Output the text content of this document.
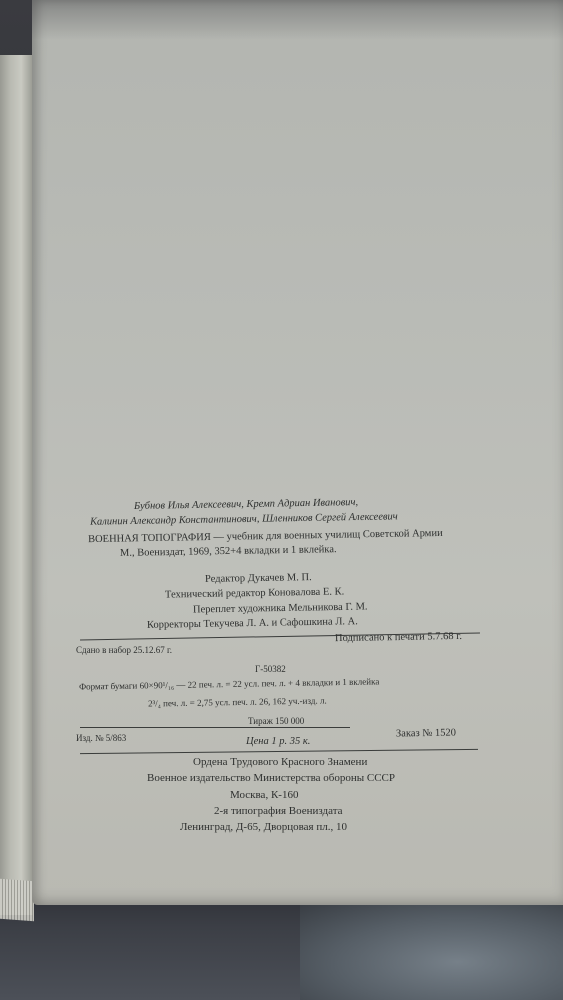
Бубнов Илья Алексеевич, Кремп Адриан Иванович,

Калинин Александр Константинович, Шленников Сергей Алексеевич

ВОЕННАЯ ТОПОГРАФИЯ — учебник для военных училищ Советской Армии

М., Воениздат, 1969, 352+4 вкладки и 1 вклейка.

Редактор Дукачев М. П.

Технический редактор Коновалова Е. К.

Переплет художника Мельникова Г. М.

Корректоры Текучева Л. А. и Сафошкина Л. А.

Сдано в набор 25.12.67 г.

Подписано к печати 5.7.68 г.

Г-50382

Формат бумаги 60×90¹/₁₆ — 22 печ. л. = 22 усл. печ. л. + 4 вкладки и 1 вклейка

2³/₄ печ. л. = 2,75 усл. печ. л. 26, 162 уч.-изд. л.

Тираж 150 000

Изд. № 5/863	Цена 1 р. 35 к.

Заказ № 1520

Ордена Трудового Красного Знамени

Военное издательство Министерства обороны СССР

Москва, К-160

2-я типография Воениздата

Ленинград, Д-65, Дворцовая пл., 10
